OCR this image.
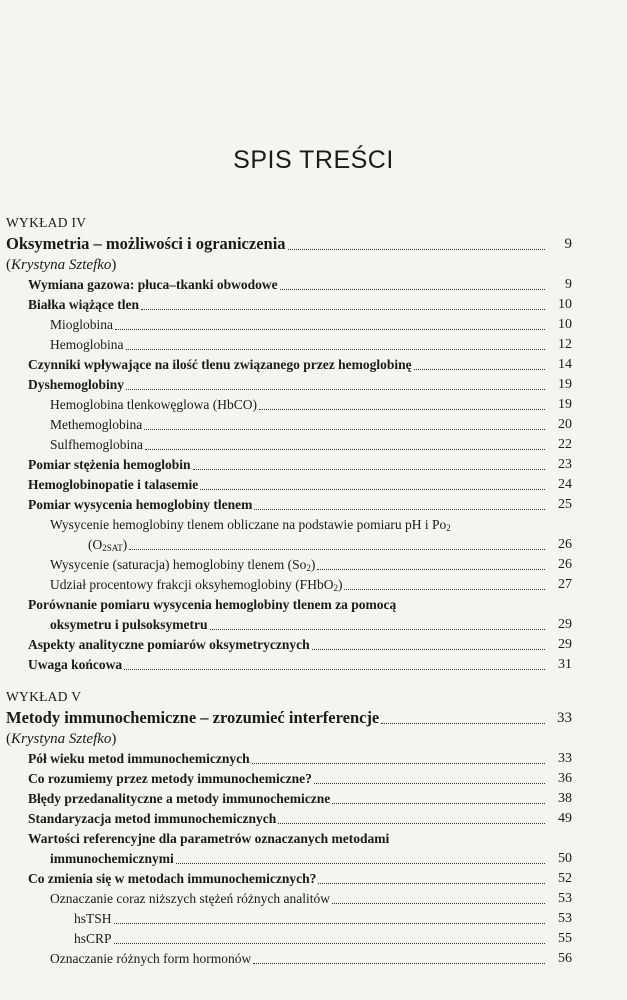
SPIS TREŚCI
WYKŁAD IV
Oksymetria – możliwości i ograniczenia	9
(Krystyna Sztefko)
Wymiana gazowa: płuca–tkanki obwodowe	9
Białka wiążące tlen	10
Mioglobina	10
Hemoglobina	12
Czynniki wpływające na ilość tlenu związanego przez hemoglobinę	14
Dyshemoglobiny	19
Hemoglobina tlenkowęglowa (HbCO)	19
Methemoglobina	20
Sulfhemoglobina	22
Pomiar stężenia hemoglobin	23
Hemoglobinopatie i talasemie	24
Pomiar wysycenia hemoglobiny tlenem	25
Wysycenie hemoglobiny tlenem obliczane na podstawie pomiaru pH i $Po_2$
$(O_{2SAT})$	26
Wysycenie (saturacja) hemoglobiny tlenem $(So_2)$	26
Udział procentowy frakcji oksyhemoglobiny (FHbO$_2$)	27
Porównanie pomiaru wysycenia hemoglobiny tlenem za pomocą
oksymetru i pulsoksymetru	29
Aspekty analityczne pomiarów oksymetrycznych	29
Uwaga końcowa	31
WYKŁAD V
Metody immunochemiczne – zrozumieć interferencje	33
(Krystyna Sztefko)
Pół wieku metod immunochemicznych	33
Co rozumiemy przez metody immunochemiczne?	36
Błędy przedanalityczne a metody immunochemiczne	38
Standaryzacja metod immunochemicznych	49
Wartości referencyjne dla parametrów oznaczanych metodami
immunochemicznymi	50
Co zmienia się w metodach immunochemicznych?	52
Oznaczanie coraz niższych stężeń różnych analitów	53
hsTSH	53
hsCRP	55
Oznaczanie różnych form hormonów	56
